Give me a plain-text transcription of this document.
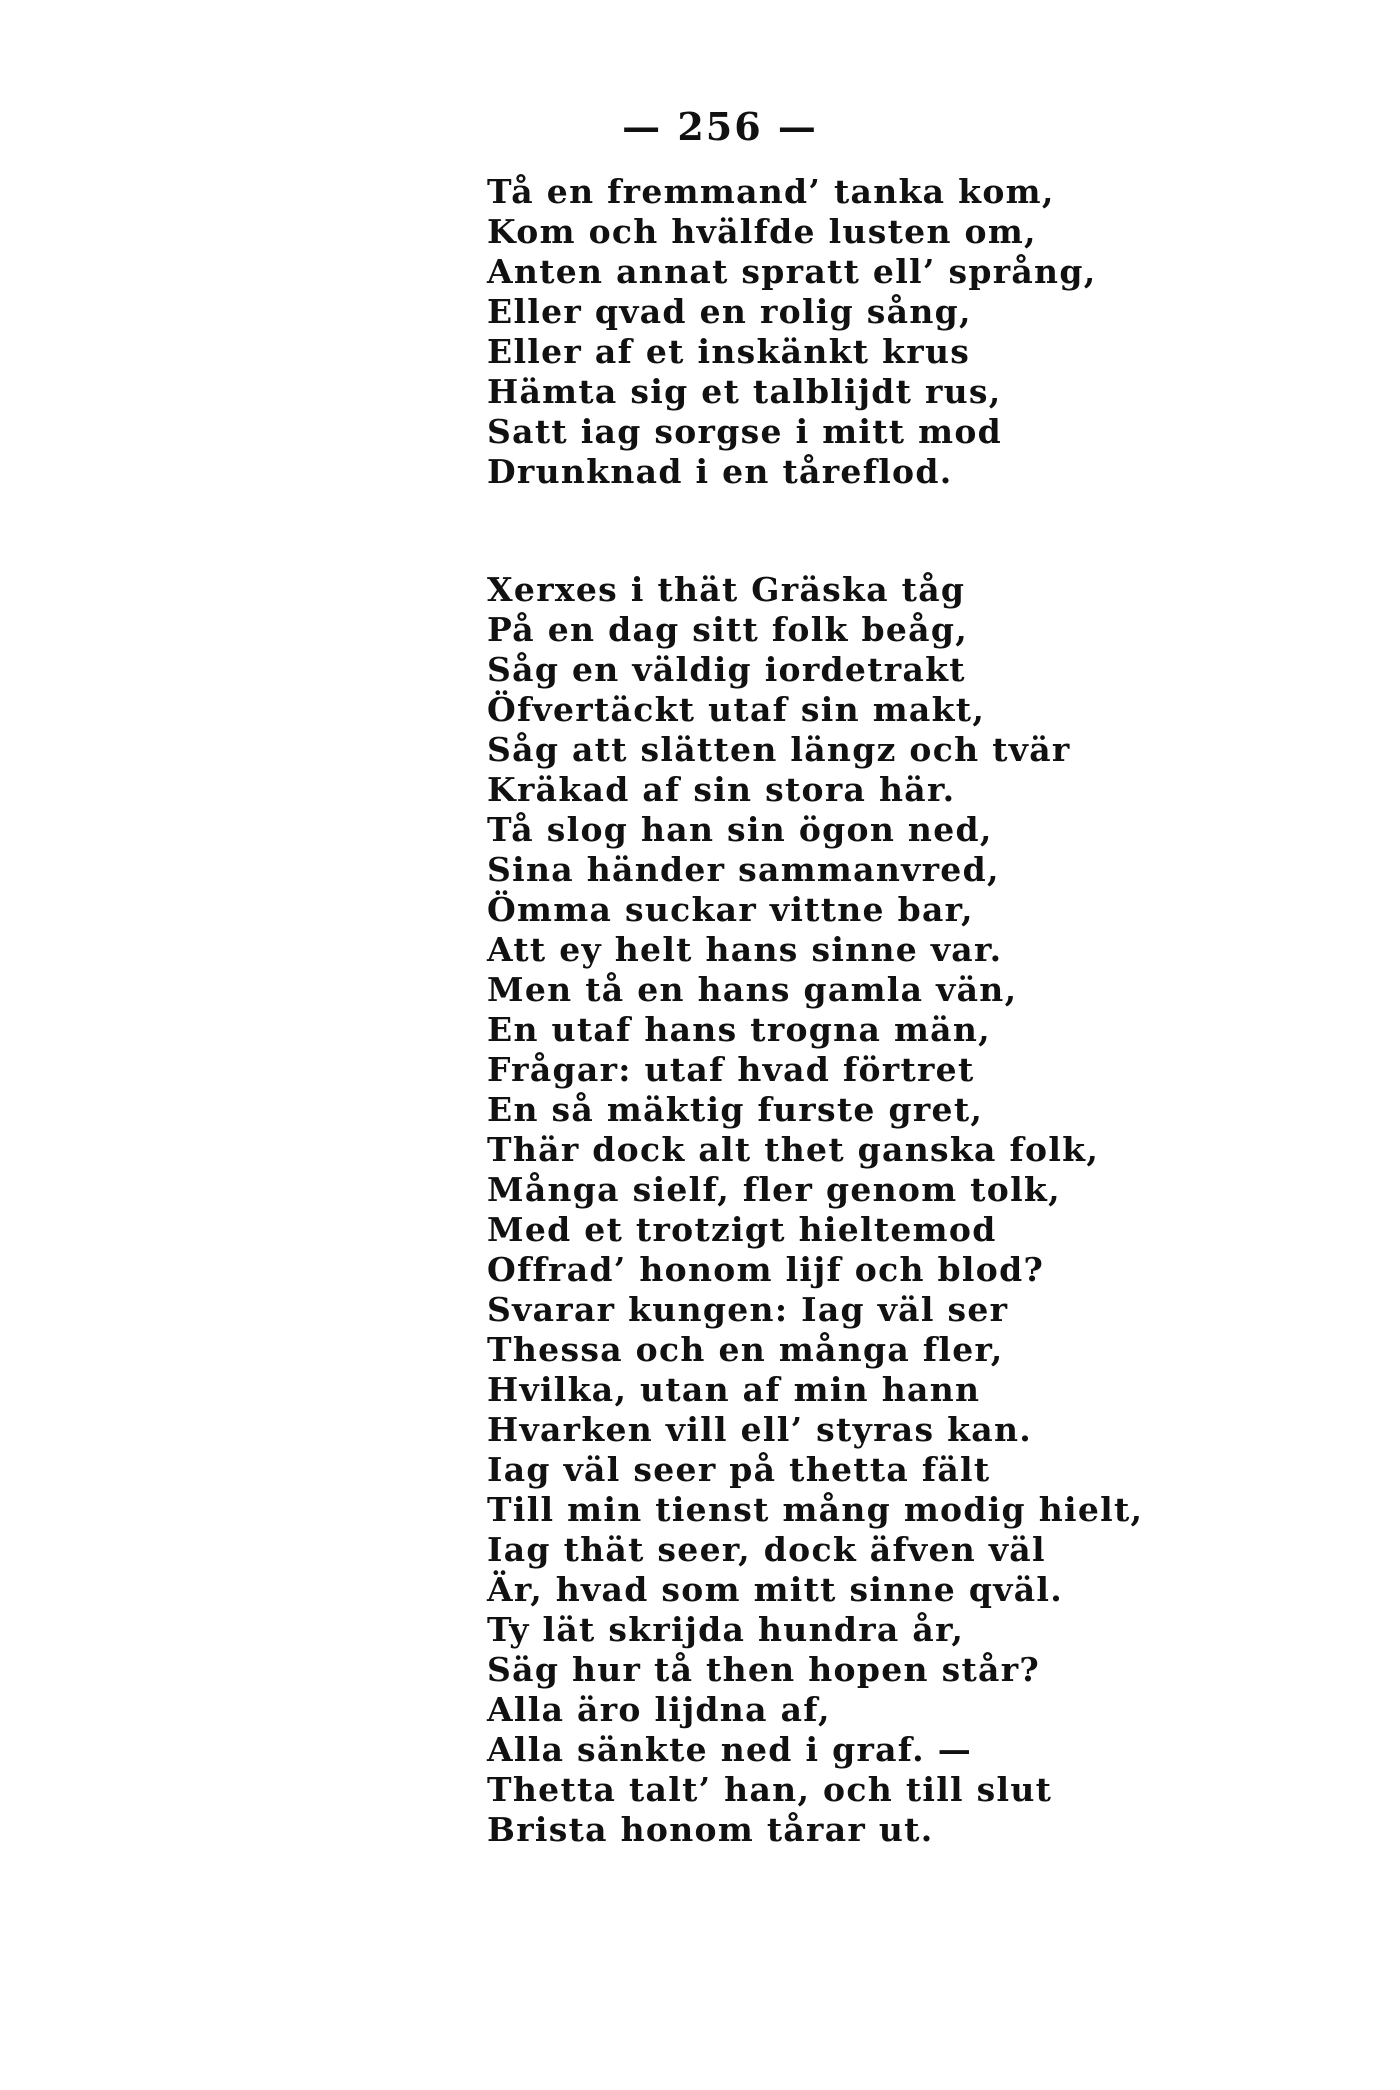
— 256 —
Tå en fremmand’ tanka kom,
Kom och hvälfde lusten om,
Anten annat spratt ell’ språng,
Eller qvad en rolig sång,
Eller af et inskänkt krus
Hämta sig et talblijdt rus,
Satt iag sorgse i mitt mod
Drunknad i en tåreflod.
Xerxes i thät Gräska tåg
På en dag sitt folk beåg,
Såg en väldig iordetrakt
Öfvertäckt utaf sin makt,
Såg att slätten längz och tvär
Kräkad af sin stora här.
Tå slog han sin ögon ned,
Sina händer sammanvred,
Ömma suckar vittne bar,
Att ey helt hans sinne var.
Men tå en hans gamla vän,
En utaf hans trogna män,
Frågar: utaf hvad förtret
En så mäktig furste gret,
Thär dock alt thet ganska folk,
Många sielf, fler genom tolk,
Med et trotzigt hieltemod
Offrad’ honom lijf och blod?
Svarar kungen: Iag väl ser
Thessa och en många fler,
Hvilka, utan af min hann
Hvarken vill ell’ styras kan.
Iag väl seer på thetta fält
Till min tienst mång modig hielt,
Iag thät seer, dock äfven väl
Är, hvad som mitt sinne qväl.
Ty lät skrijda hundra år,
Säg hur tå then hopen står?
Alla äro lijdna af,
Alla sänkte ned i graf. —
Thetta talt’ han, och till slut
Brista honom tårar ut.
